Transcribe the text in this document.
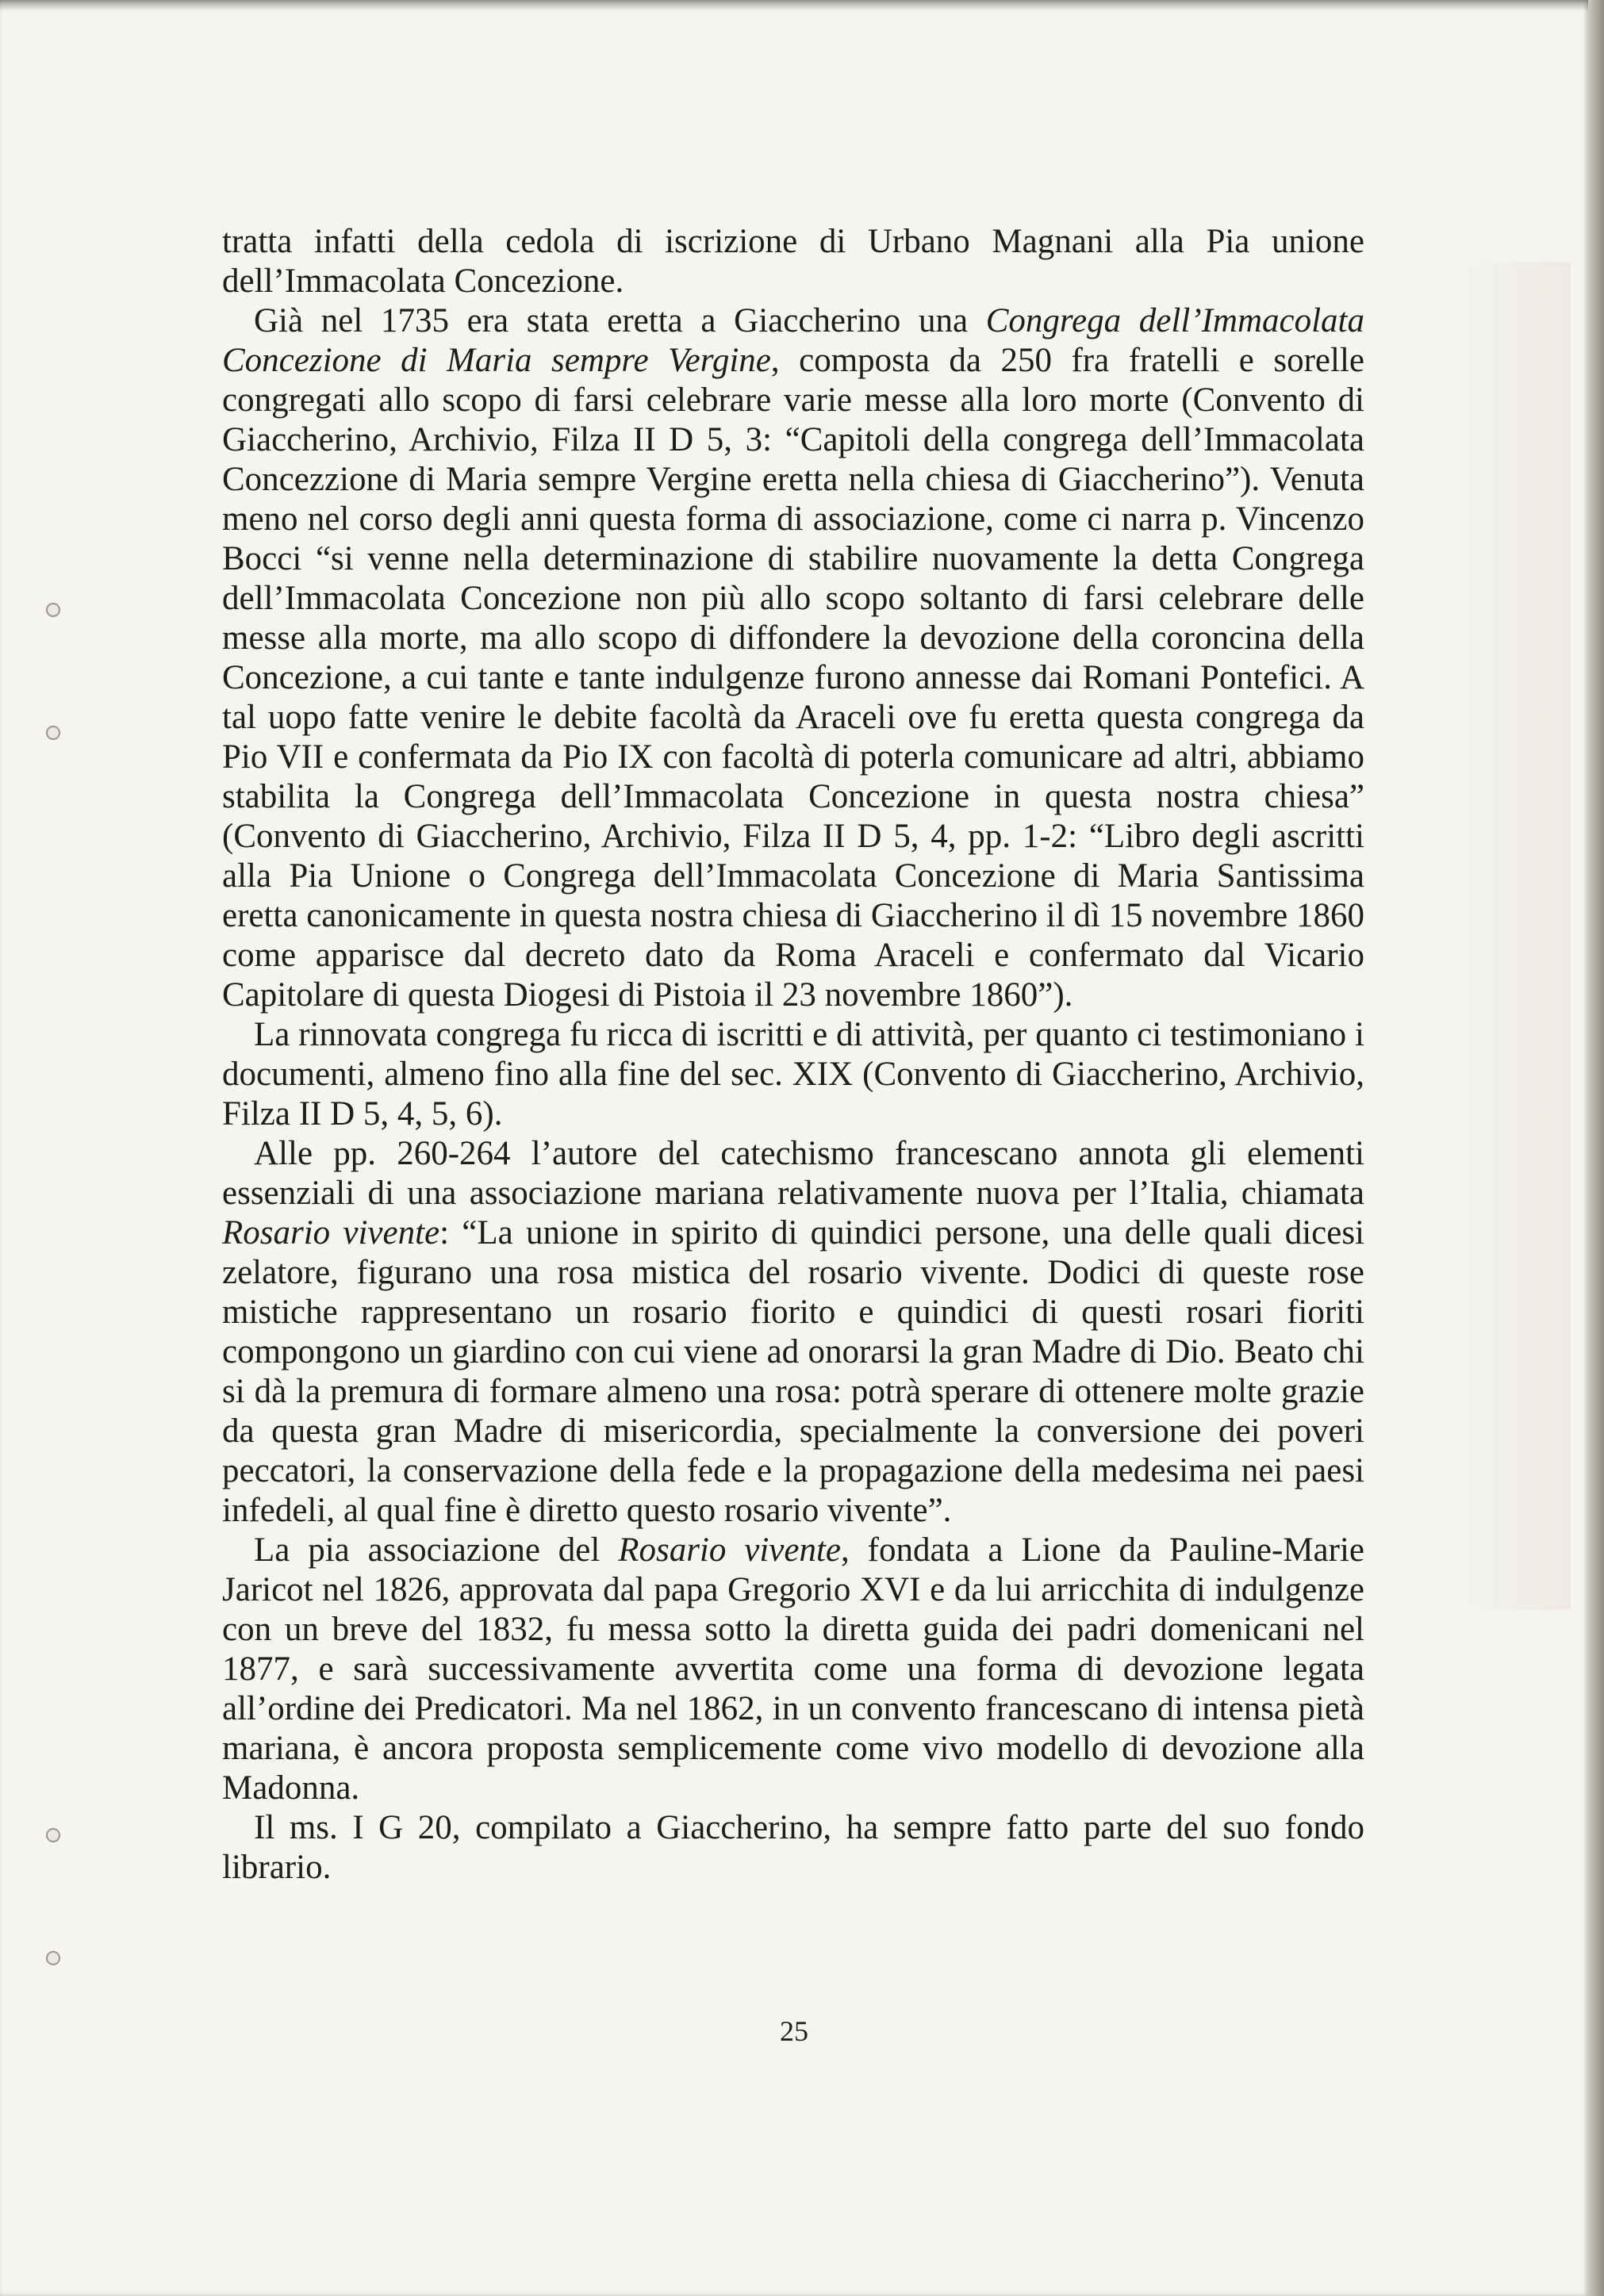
tratta infatti della cedola di iscrizione di Urbano Magnani alla Pia unione dell’Immacolata Concezione.

Già nel 1735 era stata eretta a Giaccherino una Congrega dell’Immacolata Concezione di Maria sempre Vergine, composta da 250 fra fratelli e sorelle congregati allo scopo di farsi celebrare varie messe alla loro morte (Convento di Giaccherino, Archivio, Filza II D 5, 3: “Capitoli della congrega dell’Immacolata Concezzione di Maria sempre Vergine eretta nella chiesa di Giaccherino”). Venuta meno nel corso degli anni questa forma di associazione, come ci narra p. Vincenzo Bocci “si venne nella determinazione di stabilire nuovamente la detta Congrega dell’Immacolata Concezione non più allo scopo soltanto di farsi celebrare delle messe alla morte, ma allo scopo di diffondere la devozione della coroncina della Concezione, a cui tante e tante indulgenze furono annesse dai Romani Pontefici. A tal uopo fatte venire le debite facoltà da Araceli ove fu eretta questa congrega da Pio VII e confermata da Pio IX con facoltà di poterla comunicare ad altri, abbiamo stabilita la Congrega dell’Immacolata Concezione in questa nostra chiesa” (Convento di Giaccherino, Archivio, Filza II D 5, 4, pp. 1-2: “Libro degli ascritti alla Pia Unione o Congrega dell’Immacolata Concezione di Maria Santissima eretta canonicamente in questa nostra chiesa di Giaccherino il dì 15 novembre 1860 come apparisce dal decreto dato da Roma Araceli e confermato dal Vicario Capitolare di questa Diogesi di Pistoia il 23 novembre 1860”).

La rinnovata congrega fu ricca di iscritti e di attività, per quanto ci testimoniano i documenti, almeno fino alla fine del sec. XIX (Convento di Giaccherino, Archivio, Filza II D 5, 4, 5, 6).

Alle pp. 260-264 l’autore del catechismo francescano annota gli elementi essenziali di una associazione mariana relativamente nuova per l’Italia, chiamata Rosario vivente: “La unione in spirito di quindici persone, una delle quali dicesi zelatore, figurano una rosa mistica del rosario vivente. Dodici di queste rose mistiche rappresentano un rosario fiorito e quindici di questi rosari fioriti compongono un giardino con cui viene ad onorarsi la gran Madre di Dio. Beato chi si dà la premura di formare almeno una rosa: potrà sperare di ottenere molte grazie da questa gran Madre di misericordia, specialmente la conversione dei poveri peccatori, la conservazione della fede e la propagazione della medesima nei paesi infedeli, al qual fine è diretto questo rosario vivente”.

La pia associazione del Rosario vivente, fondata a Lione da Pauline-Marie Jaricot nel 1826, approvata dal papa Gregorio XVI e da lui arricchita di indulgenze con un breve del 1832, fu messa sotto la diretta guida dei padri domenicani nel 1877, e sarà successivamente avvertita come una forma di devozione legata all’ordine dei Predicatori. Ma nel 1862, in un convento francescano di intensa pietà mariana, è ancora proposta semplicemente come vivo modello di devozione alla Madonna.

Il ms. I G 20, compilato a Giaccherino, ha sempre fatto parte del suo fondo librario.

25
